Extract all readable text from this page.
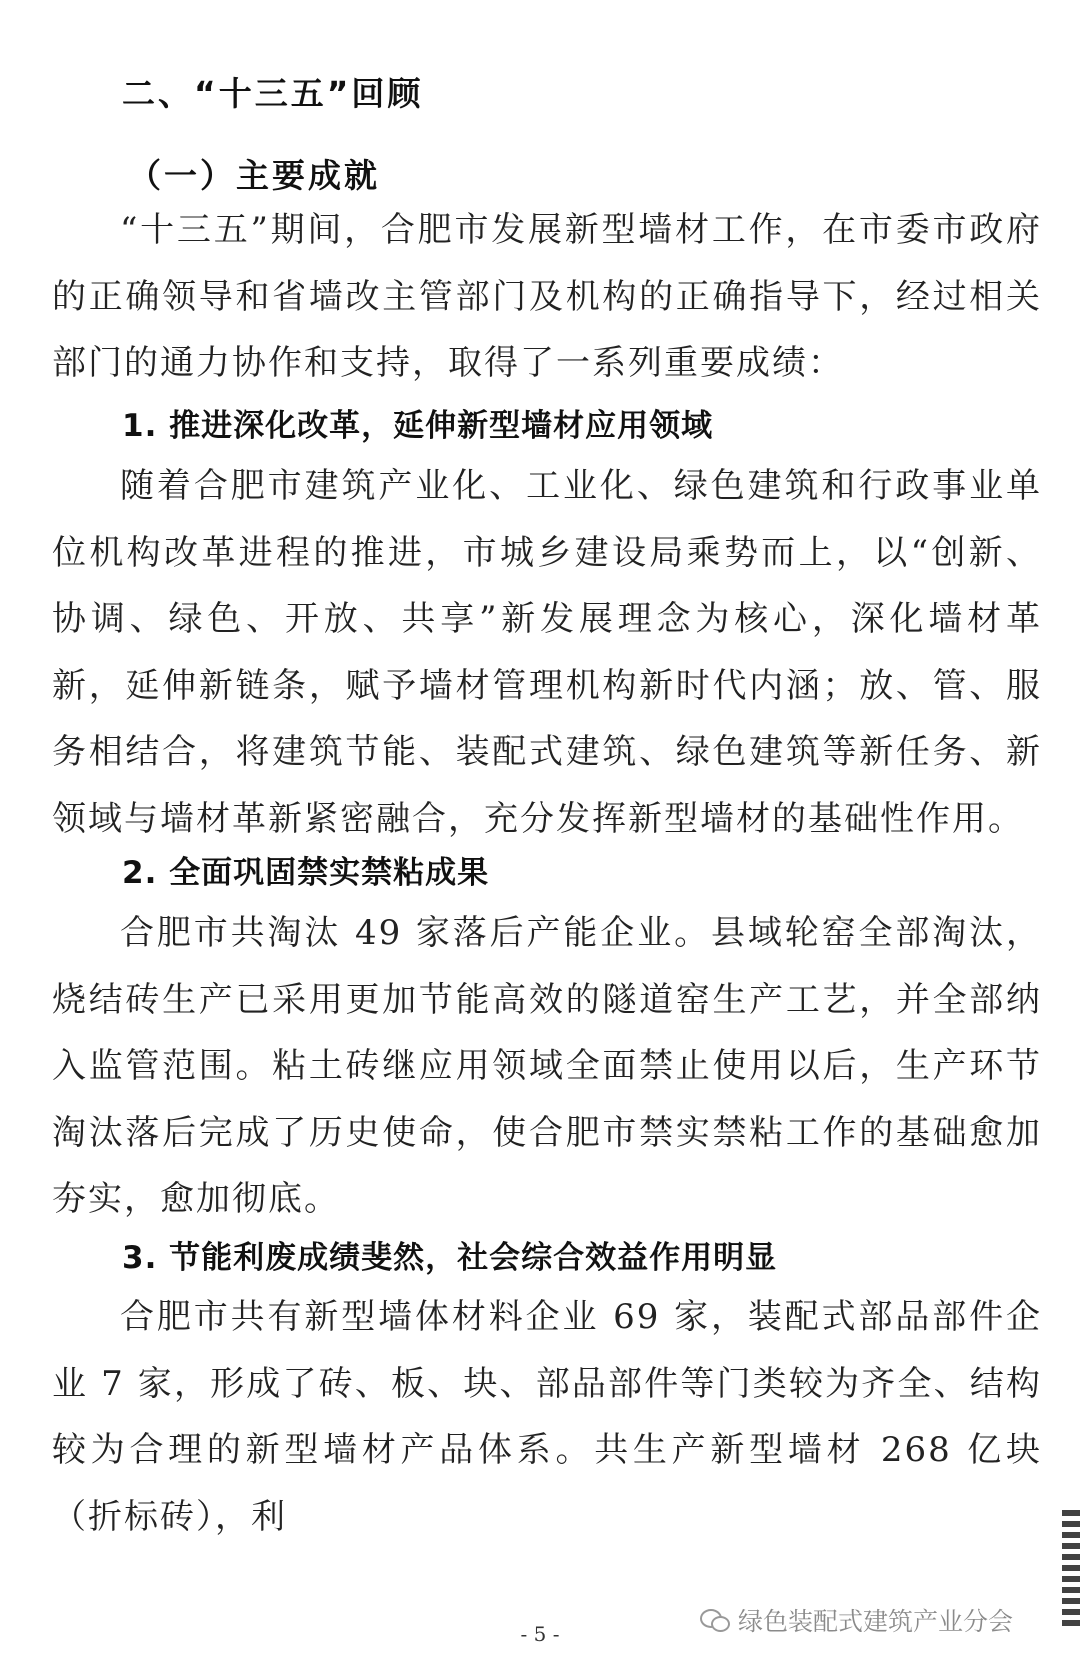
二、“十三五”回顾
（一）主要成就

“十三五”期间，合肥市发展新型墙材工作，在市委市政府的正确领导和省墙改主管部门及机构的正确指导下，经过相关部门的通力协作和支持，取得了一系列重要成绩：

1. 推进深化改革，延伸新型墙材应用领域

随着合肥市建筑产业化、工业化、绿色建筑和行政事业单位机构改革进程的推进，市城乡建设局乘势而上，以“创新、协调、绿色、开放、共享”新发展理念为核心，深化墙材革新，延伸新链条，赋予墙材管理机构新时代内涵；放、管、服务相结合，将建筑节能、装配式建筑、绿色建筑等新任务、新领域与墙材革新紧密融合，充分发挥新型墙材的基础性作用。

2. 全面巩固禁实禁粘成果

合肥市共淘汰 49 家落后产能企业。县域轮窑全部淘汰，烧结砖生产已采用更加节能高效的隧道窑生产工艺，并全部纳入监管范围。粘土砖继应用领域全面禁止使用以后，生产环节淘汰落后完成了历史使命，使合肥市禁实禁粘工作的基础愈加夯实，愈加彻底。

3. 节能利废成绩斐然，社会综合效益作用明显

合肥市共有新型墙体材料企业 69 家，装配式部品部件企业 7 家，形成了砖、板、块、部品部件等门类较为齐全、结构较为合理的新型墙材产品体系。共生产新型墙材 268 亿块（折标砖），利

绿色装配式建筑产业分会
- 5 -
